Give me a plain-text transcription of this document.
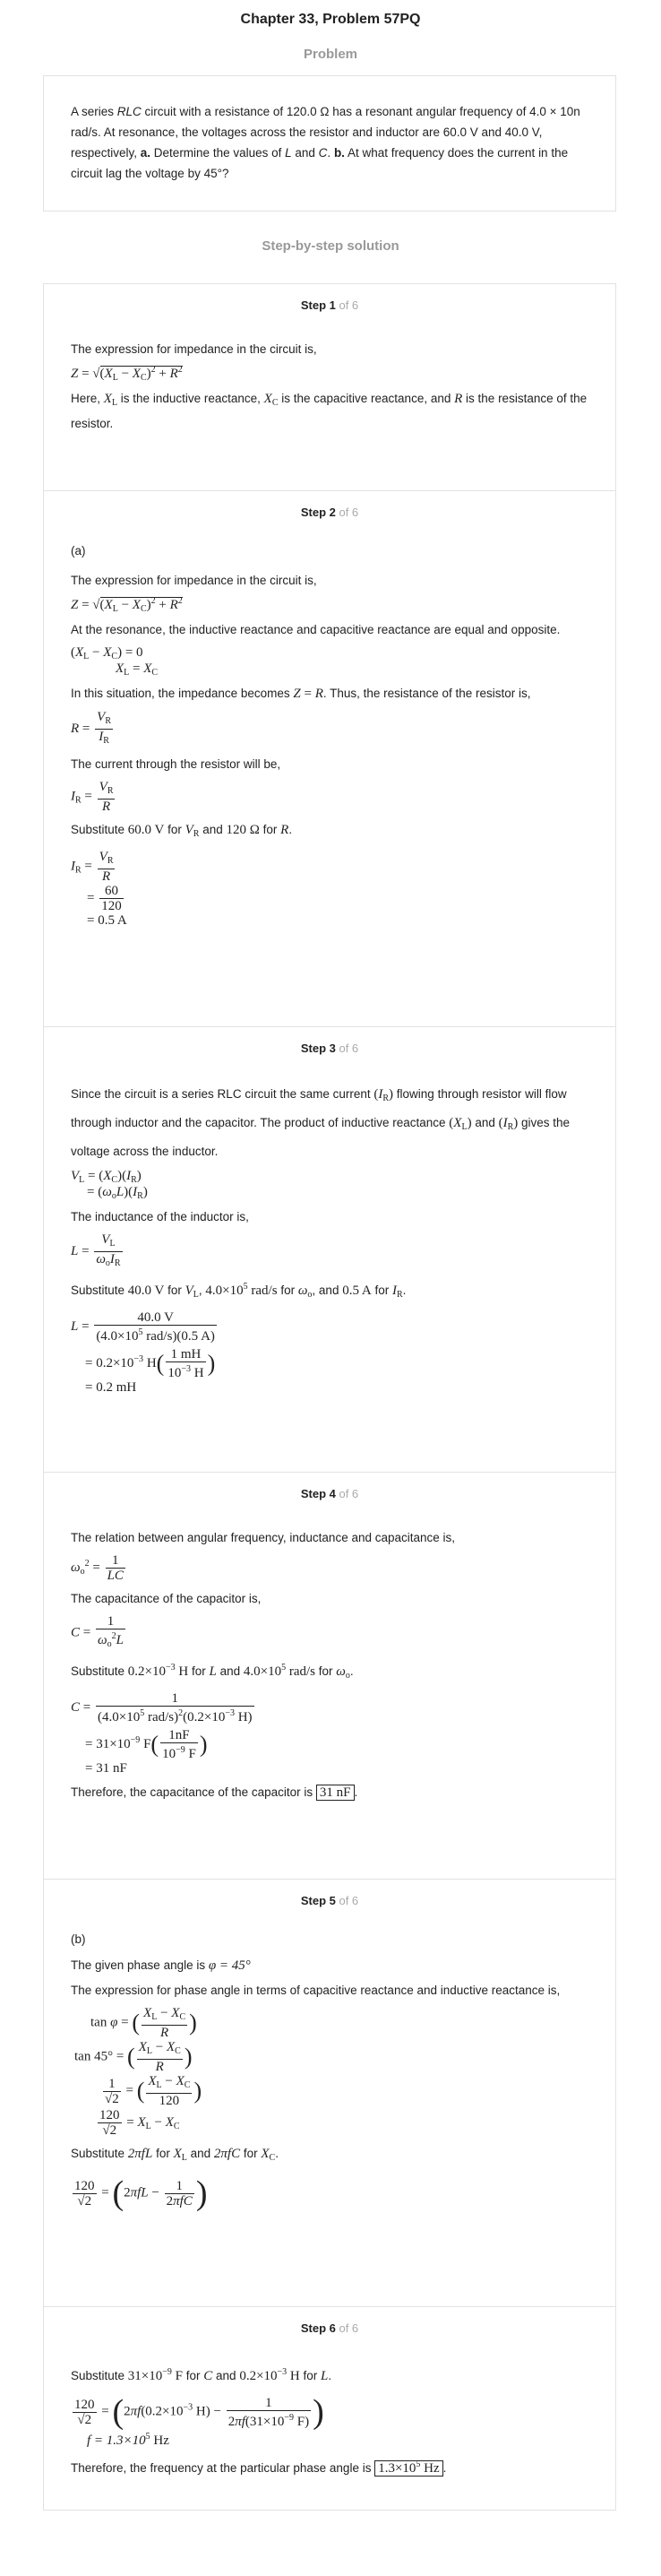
Chapter 33, Problem 57PQ
Problem

A series RLC circuit with a resistance of 120.0 Ω has a resonant angular frequency of 4.0 × 10n rad/s. At resonance, the voltages across the resistor and inductor are 60.0 V and 40.0 V, respectively, a. Determine the values of L and C. b. At what frequency does the current in the circuit lag the voltage by 45°?

Step-by-step solution
Step 1 of 6

The expression for impedance in the circuit is,

$Z = √(X_L - X_C)^2 + R^2$

Here, $X_L$ is the inductive reactance, $X_C$ is the capacitive reactance, and R is the resistance of the resistor.

Step 2 of 6

(a)

The expression for impedance in the circuit is,

$Z = √(X_L - X_C)^2 + R^2$

At the resonance, the inductive reactance and capacitive reactance are equal and opposite.

$(X_L - X_C) = 0$
$X_L = X_C$

In this situation, the impedance becomes Z = R. Thus, the resistance of the resistor is,

$R = \frac{V_R}{I_R}$

The current through the resistor will be,

$I_R = \frac{V_R}{R}$

Substitute 60.0 V for $V_R$ and 120 Ω for R.

$I_R = \frac{V_R}{R}$
= $\frac{60}{120}$
= 0.5 A
Step 3 of 6

Since the circuit is a series RLC circuit the same current $(I_R)$ flowing through resistor will flow through inductor and the capacitor. The product of inductive reactance $(X_L)$ and $(I_R)$ gives the voltage across the inductor.

$V_L = (X_C)(I_R)$
= $(\omega_oL)(I_R)$

The inductance of the inductor is,

$L = \frac{V_L}{\omega_oI_R}$

Substitute 40.0 V for $V_L$, $4.0\times 10^5$ rad/s for $\omega_o$, and 0.5 A for $I_R$.

$L = \frac{40.0 V}{(4.0\times 10^5 rad/s)(0.5 A)}$
= $0.2\times 10^{-3}$ $H( \frac{1 mH}{10^{-3} H}$ )
= 0.2 mH
Step 4 of 6

The relation between angular frequency, inductance and capacitance is,

$\omega_o^2 = \frac{1}{LC}$

The capacitance of the capacitor is,

$C = \frac{1}{\omega_o^2L}$

Substitute $0.2\times 10^{-3}$ H for L and $4.0\times 10^5$ rad/s for $\omega_o$.

$C = \frac{1}{(4.0\times 10^5 rad/s)^2(0.2\times 10^{-3} H)}$
= $31\times 10^{-9}$ $F( \frac{1nF}{10^{-9} F}$ )
= 31 nF

Therefore, the capacitance of the capacitor is 31 nF .

Step 5 of 6

(b)

The given phase angle is φ = 45°

The expression for phase angle in terms of capacitive reactance and inductive reactance is,

tan φ = ( $\frac{X_L - X_C}{R}$ )
tan 45° = ( $\frac{X_L - X_C}{R}$ )
$\frac{1}{√2}$ = ( $\frac{X_L - X_C}{120}$ )
$\frac{120}{√2} = X_L - X_C$

Substitute 2πfL for $X_L$ and 2πfC for $X_C$.

$\frac{120}{√2} = (2\pi fL - \frac{1}{\text{2πfC}}$ )
Step 6 of 6

Substitute $31\times 10^{-9}$ F for C and $0.2\times 10^{-3}$ H for L.

$\frac{120}{√2} = (2\pi f(0.2\times 10^{-3}$ $H) - \frac{1}{2\pi f(31\times 10^{-9} F)}$ )
$f = 1.3\times 10^5$ Hz

Therefore, the frequency at the particular phase angle is $1.3\times 10^5$ Hz .
